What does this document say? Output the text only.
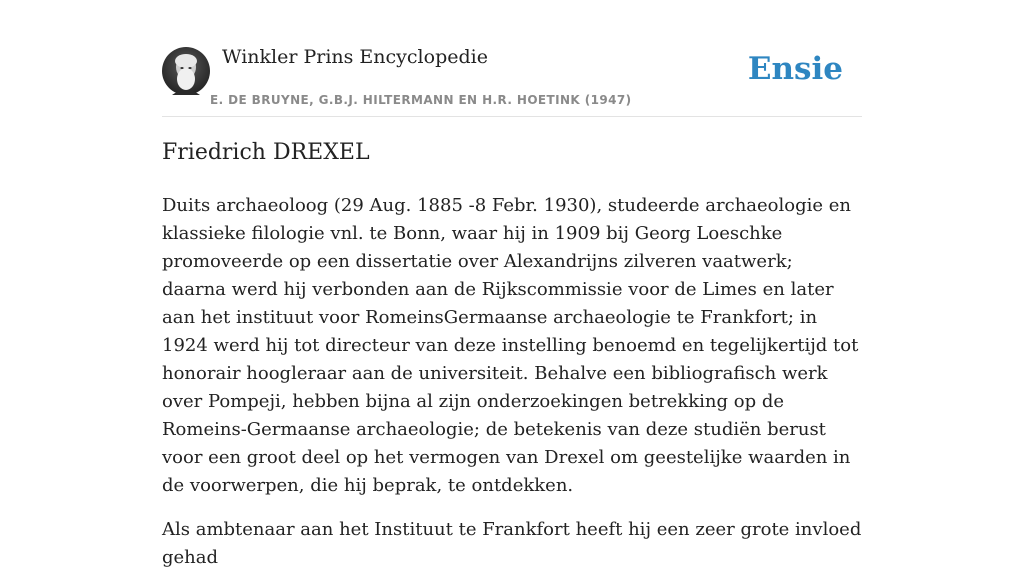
Winkler Prins Encyclopedie
E. DE BRUYNE, G.B.J. HILTERMANN EN H.R. HOETINK (1947)
Ensie
Friedrich DREXEL

Duits archaeoloog (29 Aug. 1885 -8 Febr. 1930), studeerde archaeologie en klassieke filologie vnl. te Bonn, waar hij in 1909 bij Georg Loeschke promoveerde op een dissertatie over Alexandrijns zilveren vaatwerk; daarna werd hij verbonden aan de Rijkscommissie voor de Limes en later aan het instituut voor RomeinsGermaanse archaeologie te Frankfort; in 1924 werd hij tot directeur van deze instelling benoemd en tegelijkertijd tot honorair hoogleraar aan de universiteit. Behalve een bibliografisch werk over Pompeji, hebben bijna al zijn onderzoekingen betrekking op de Romeins-Germaanse archaeologie; de betekenis van deze studiën berust voor een groot deel op het vermogen van Drexel om geestelijke waarden in de voorwerpen, die hij beprak, te ontdekken.

Als ambtenaar aan het Instituut te Frankfort heeft hij een zeer grote invloed gehad
